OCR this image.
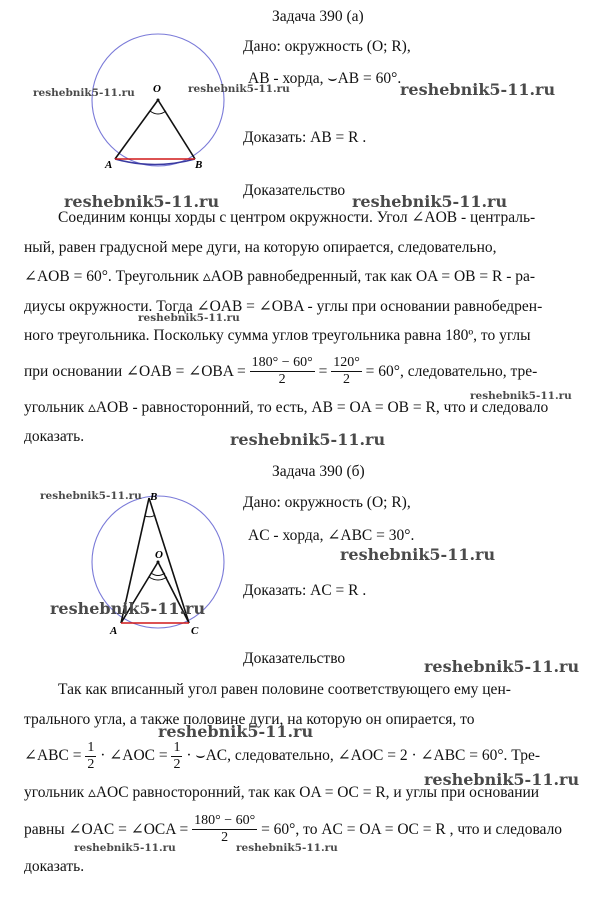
Задача 390 (а)
O
A	B
Дано: окружность (O; R),
AB - хорда, ⌣AB = 60°.
Доказать: AB = R .
Доказательство
Соединим концы хорды с центром окружности. Угол ∠AOB - централь-
ный, равен градусной мере дуги, на которую опирается, следовательно,
∠AOB = 60°. Треугольник ▵AOB равнобедренный, так как OA = OB = R - ра-
диусы окружности. Тогда ∠OAB = ∠OBA - углы при основании равнобедрен-
ного треугольника. Поскольку сумма углов треугольника равна 180º, то углы
при основании ∠OAB = ∠OBA = $\frac{180^\circ - 60^\circ}{2} = \frac{120^\circ}{2} = 60^\circ$, следовательно, тре-
угольник ▵AOB - равносторонний, то есть, AB = OA = OB = R, что и следовало
доказать.
Задача 390 (б)
B
O
A	C
Дано: окружность (O; R),
AC - хорда, ∠ABC = 30°.
Доказать: AC = R .
Доказательство
Так как вписанный угол равен половине соответствующего ему цен-
трального угла, а также половине дуги, на которую он опирается, то
∠ABC = $\frac{1}{2}$ · ∠AOC = $\frac{1}{2}$ · ⌣AC, следовательно, ∠AOC = 2 · ∠ABC = 60°. Тре-
угольник ▵AOC равносторонний, так как OA = OC = R, и углы при основании
равны ∠OAC = ∠OCA = $\frac{180^\circ - 60^\circ}{2} = 60^\circ$, то AC = OA = OC = R , что и следовало
доказать.
reshebnik5-11.ru	reshebnik5-11.ru	reshebnik5-11.ru
reshebnik5-11.ru	reshebnik5-11.ru
reshebnik5-11.ru
reshebnik5-11.ru
reshebnik5-11.ru
reshebnik5-11.ru
reshebnik5-11.ru
reshebnik5-11.ru
reshebnik5-11.ru
reshebnik5-11.ru
reshebnik5-11.ru
reshebnik5-11.ru	reshebnik5-11.ru
